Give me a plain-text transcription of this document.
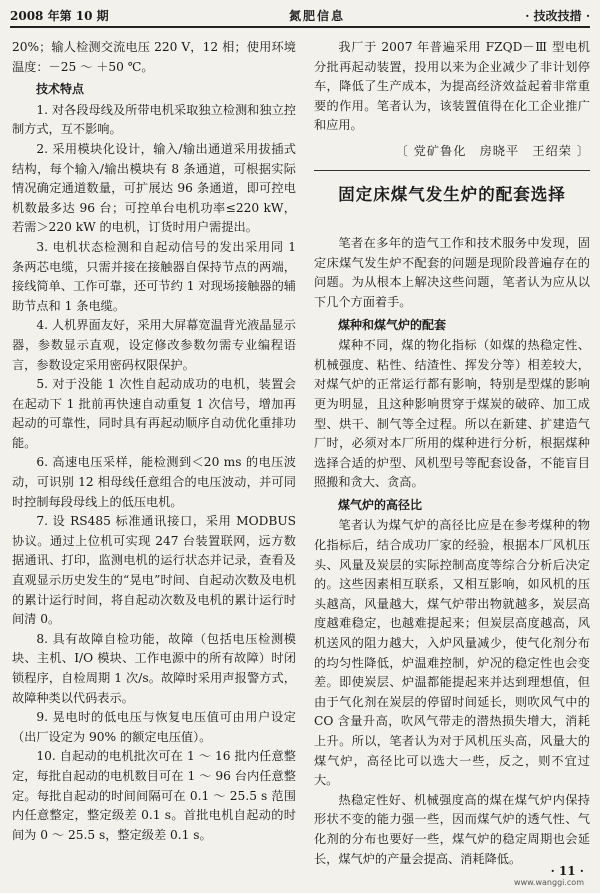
2008 年第 10 期	氮肥信息	· 技改技措 ·

20%；输人检测交流电压 220 V，12 相；使用环境温度：－25 ～ ＋50 ℃。

技术特点

1. 对各段母线及所带电机采取独立检测和独立控制方式，互不影响。

2. 采用模块化设计，输入/输出通道采用拔插式结构，每个输入/输出模块有 8 条通道，可根据实际情况确定通道数量，可扩展达 96 条通道，即可控电机数最多达 96 台；可控单台电机功率≤220 kW，若需＞220 kW 的电机，订货时用户需提出。

3. 电机状态检测和自起动信号的发出采用同 1 条两芯电缆，只需并接在接触器自保持节点的两端，接线简单、工作可靠，还可节约 1 对现场接触器的辅助节点和 1 条电缆。

4. 人机界面友好，采用大屏幕宽温背光液晶显示器，参数显示直观，设定修改参数勿需专业编程语言，参数设定采用密码权限保护。

5. 对于没能 1 次性自起动成功的电机，装置会在起动下 1 批前再快速自动重复 1 次信号，增加再起动的可靠性，同时具有再起动顺序自动优化重排功能。

6. 高速电压采样，能检测到＜20 ms 的电压波动，可识别 12 相母线任意组合的电压波动，并可同时控制每段母线上的低压电机。

7. 设 RS485 标准通讯接口，采用 MODBUS 协议。通过上位机可实现 247 台装置联网，远方数据通讯、打印，监测电机的运行状态并记录，查看及直观显示历史发生的“晃电”时间、自起动次数及电机的累计运行时间，将自起动次数及电机的累计运行时间清 0。

8. 具有故障自检功能，故障（包括电压检测模块、主机、I/O 模块、工作电源中的所有故障）时闭锁程序，自检周期 1 次/s。故障时采用声报警方式，故障种类以代码表示。

9. 晃电时的低电压与恢复电压值可由用户设定（出厂设定为 90% 的额定电压值）。

10. 自起动的电机批次可在 1 ～ 16 批内任意整定，每批自起动的电机数目可在 1 ～ 96 台内任意整定。每批自起动的时间间隔可在 0.1 ～ 25.5 s 范围内任意整定，整定级差 0.1 s。首批电机自起动的时间为 0 ～ 25.5 s，整定级差 0.1 s。

我厂于 2007 年普遍采用 FZQD－Ⅲ 型电机分批再起动装置，投用以来为企业减少了非计划停车，降低了生产成本，为提高经济效益起着非常重要的作用。笔者认为，该装置值得在化工企业推广和应用。

〔 党矿鲁化　房晓平　王绍荣 〕
固定床煤气发生炉的配套选择

笔者在多年的造气工作和技术服务中发现，固定床煤气发生炉不配套的问题是现阶段普遍存在的问题。为从根本上解决这些问题，笔者认为应从以下几个方面着手。

煤种和煤气炉的配套

煤种不同，煤的物化指标（如煤的热稳定性、机械强度、粘性、结渣性、挥发分等）相差较大，对煤气炉的正常运行都有影响，特别是型煤的影响更为明显，且这种影响贯穿于煤炭的破碎、加工成型、烘干、制气等全过程。所以在新建、扩建造气厂时，必须对本厂所用的煤种进行分析，根据煤种选择合适的炉型、风机型号等配套设备，不能盲目照搬和贪大、贪高。

煤气炉的高径比

笔者认为煤气炉的高径比应是在参考煤种的物化指标后，结合成功厂家的经验，根据本厂风机压头、风量及炭层的实际控制高度等综合分析后决定的。这些因素相互联系，又相互影响，如风机的压头越高，风量越大，煤气炉带出物就越多，炭层高度越难稳定，也越难提起来；但炭层高度越高，风机送风的阻力越大，入炉风量减少，使气化剂分布的均匀性降低，炉温难控制，炉况的稳定性也会变差。即使炭层、炉温都能提起来并达到理想值，但由于气化剂在炭层的停留时间延长，则吹风气中的 CO 含量升高，吹风气带走的潜热损失增大，消耗上升。所以，笔者认为对于风机压头高，风量大的煤气炉，高径比可以选大一些，反之，则不宜过大。

热稳定性好、机械强度高的煤在煤气炉内保持形状不变的能力强一些，因而煤气炉的透气性、气化剂的分布也要好一些，煤气炉的稳定周期也会延长，煤气炉的产量会提高、消耗降低。

· 11 ·
www.wanggi.com
